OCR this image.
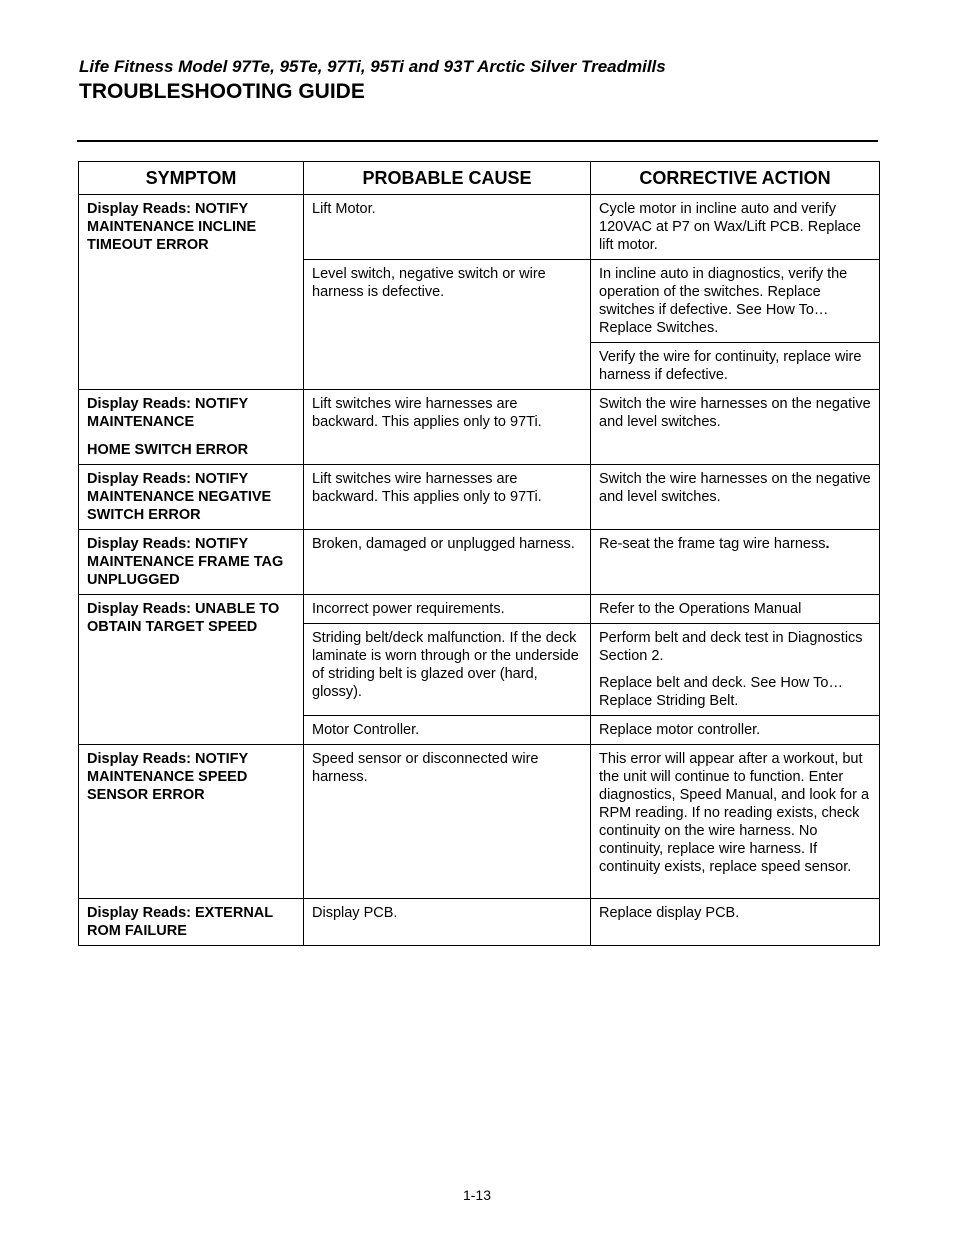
Life Fitness Model 97Te, 95Te, 97Ti, 95Ti and 93T Arctic Silver Treadmills
TROUBLESHOOTING GUIDE
SYMPTOM	PROBABLE CAUSE	CORRECTIVE ACTION
Display Reads: NOTIFY MAINTENANCE INCLINE TIMEOUT ERROR	Lift Motor.	Cycle motor in incline auto and verify 120VAC at P7 on Wax/Lift PCB. Replace lift motor.
	Level switch, negative switch or wire harness is defective.	In incline auto in diagnostics, verify the operation of the switches. Replace switches if defective. See How To…Replace Switches.
		Verify the wire for continuity, replace wire harness if defective.

Display Reads: NOTIFY MAINTENANCE
HOME SWITCH ERROR	Lift switches wire harnesses are backward. This applies only to 97Ti.	Switch the wire harnesses on the negative and level switches.
Display Reads: NOTIFY MAINTENANCE NEGATIVE SWITCH ERROR	Lift switches wire harnesses are backward. This applies only to 97Ti.	Switch the wire harnesses on the negative and level switches.
Display Reads: NOTIFY MAINTENANCE FRAME TAG UNPLUGGED	Broken, damaged or unplugged harness.	Re-seat the frame tag wire harness.
Display Reads: UNABLE TO OBTAIN TARGET SPEED	Incorrect power requirements.	Refer to the Operations Manual
	Striding belt/deck malfunction. If the deck laminate is worn through or the underside of striding belt is glazed over (hard, glossy).	Perform belt and deck test in Diagnostics Section 2.
Replace belt and deck. See How To… Replace Striding Belt.

	Motor Controller.	Replace motor controller.
Display Reads: NOTIFY MAINTENANCE SPEED SENSOR ERROR	Speed sensor or disconnected wire harness.	This error will appear after a workout, but the unit will continue to function. Enter diagnostics, Speed Manual, and look for a RPM reading. If no reading exists, check continuity on the wire harness. No continuity, replace wire harness. If continuity exists, replace speed sensor.
Display Reads: EXTERNAL ROM FAILURE	Display PCB.	Replace display PCB.
1-13
